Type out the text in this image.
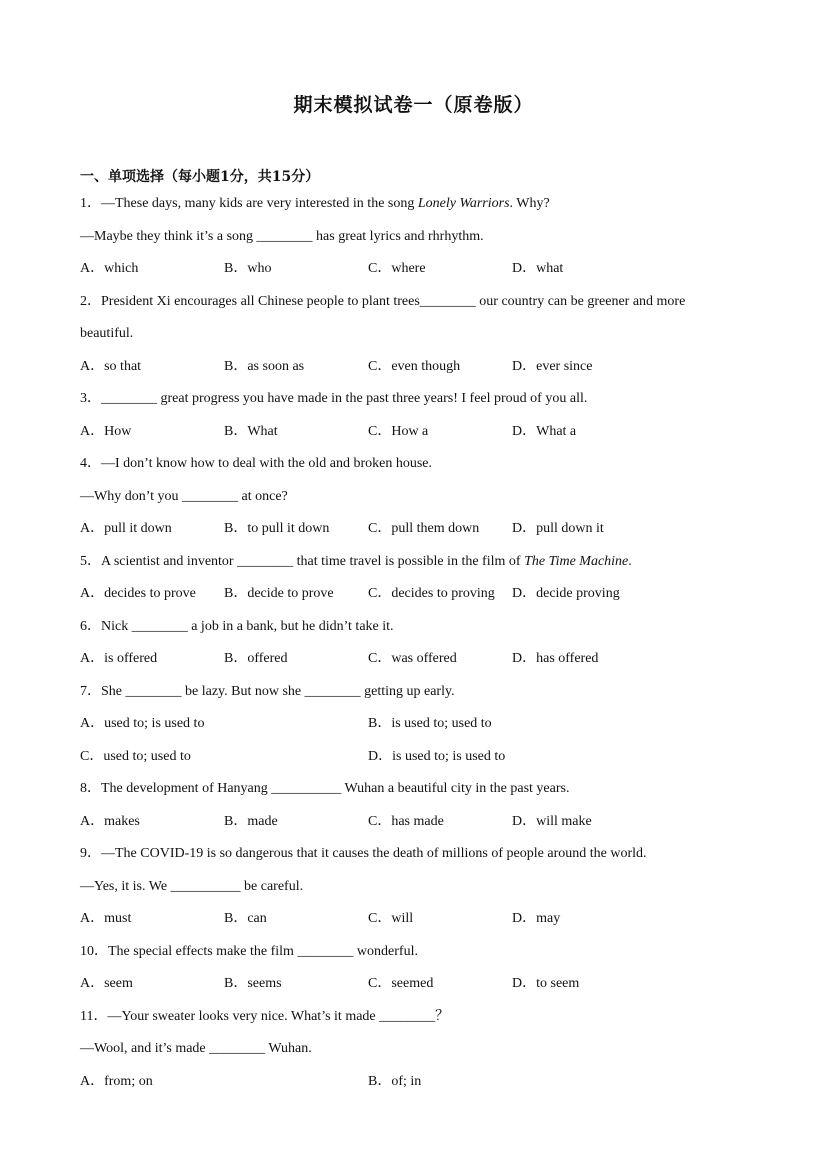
期末模拟试卷一（原卷版）
一、单项选择（每小题1分，共15分）
1．—These days, many kids are very interested in the song Lonely Warriors. Why?
—Maybe they think it’s a song ________ has great lyrics and rhrhythm.
A．which	B．who	C．where	D．what
2．President Xi encourages all Chinese people to plant trees________ our country can be greener and more
beautiful.
A．so that	B．as soon as	C．even though	D．ever since
3．________ great progress you have made in the past three years! I feel proud of you all.
A．How	B．What	C．How a	D．What a
4．—I don’t know how to deal with the old and broken house.
—Why don’t you ________ at once?
A．pull it down	B．to pull it down	C．pull them down	D．pull down it
5．A scientist and inventor ________ that time travel is possible in the film of The Time Machine.
A．decides to prove	B．decide to prove	C．decides to proving	D．decide proving
6．Nick ________ a job in a bank, but he didn’t take it.
A．is offered	B．offered	C．was offered	D．has offered
7．She ________ be lazy. But now she ________ getting up early.
A．used to; is used to	B．is used to; used to
C．used to; used to	D．is used to; is used to
8．The development of Hanyang __________ Wuhan a beautiful city in the past years.
A．makes	B．made	C．has made	D．will make
9．—The COVID-19 is so dangerous that it causes the death of millions of people around the world.
—Yes, it is. We __________ be careful.
A．must	B．can	C．will	D．may
10．The special effects make the film ________ wonderful.
A．seem	B．seems	C．seemed	D．to seem
11．—Your sweater looks very nice. What’s it made ________？
—Wool, and it’s made ________ Wuhan.
A．from; on	B．of; in
